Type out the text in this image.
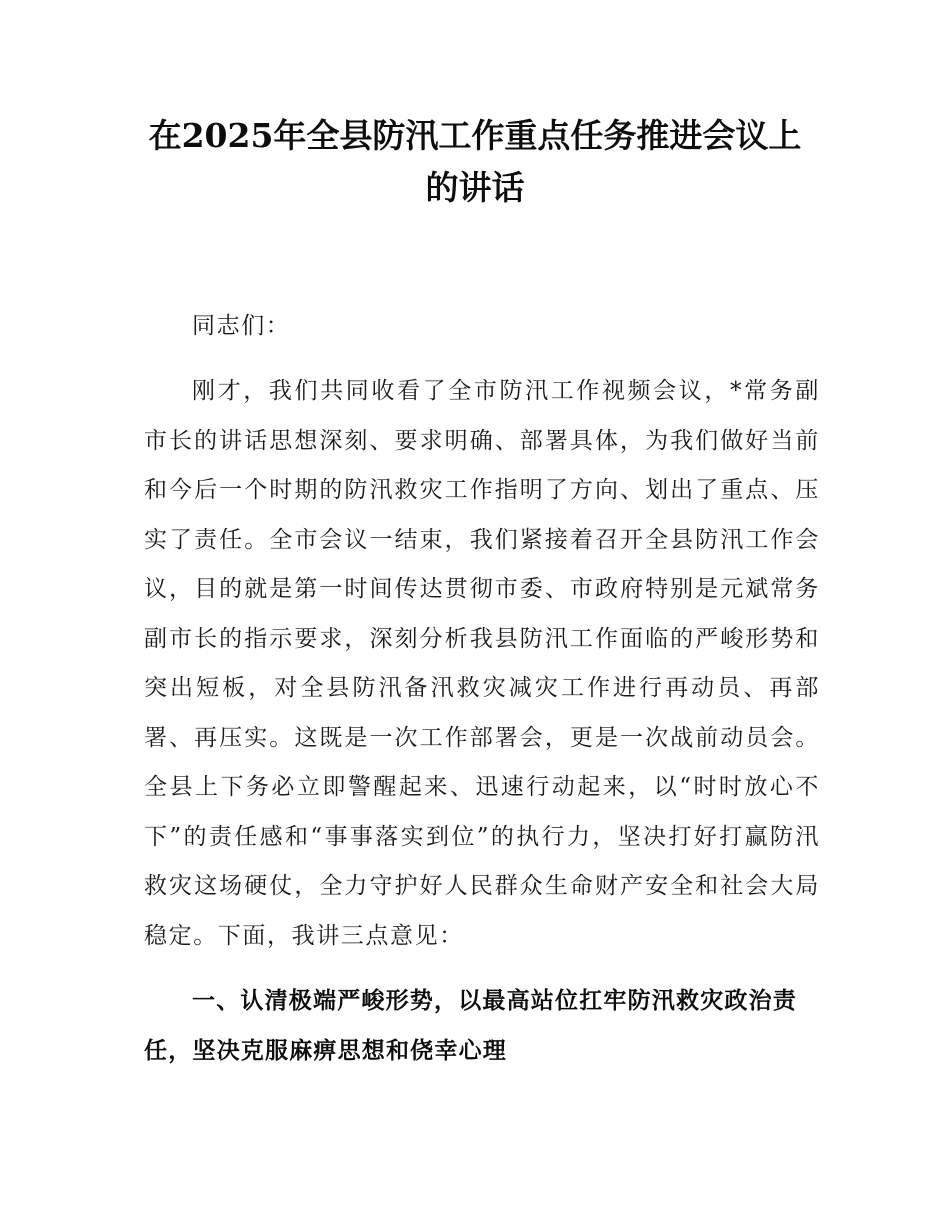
在2025年全县防汛工作重点任务推进会议上
的讲话

同志们：

刚才，我们共同收看了全市防汛工作视频会议，*常务副市长的讲话思想深刻、要求明确、部署具体，为我们做好当前和今后一个时期的防汛救灾工作指明了方向、划出了重点、压实了责任。全市会议一结束，我们紧接着召开全县防汛工作会议，目的就是第一时间传达贯彻市委、市政府特别是元斌常务副市长的指示要求，深刻分析我县防汛工作面临的严峻形势和突出短板，对全县防汛备汛救灾减灾工作进行再动员、再部署、再压实。这既是一次工作部署会，更是一次战前动员会。全县上下务必立即警醒起来、迅速行动起来，以“时时放心不下”的责任感和“事事落实到位”的执行力，坚决打好打赢防汛救灾这场硬仗，全力守护好人民群众生命财产安全和社会大局稳定。下面，我讲三点意见：

一、认清极端严峻形势，以最高站位扛牢防汛救灾政治责任，坚决克服麻痹思想和侥幸心理
